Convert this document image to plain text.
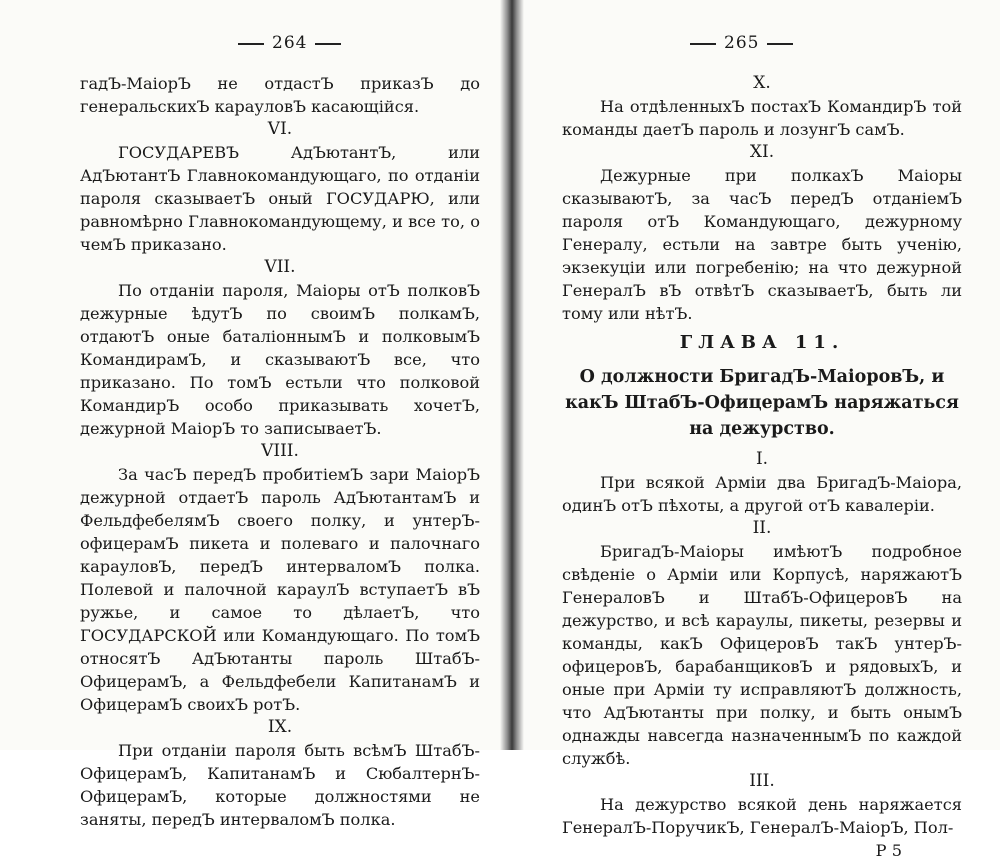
264

гадЪ-МаiорЪ не отдастЪ приказЪ до генеральскихЪ карауловЪ касающiйся.

VI.

ГОСУДАРЕВЪ АдЪютантЪ, или АдЪютантЪ Главнокомандующаго, по отданiи пароля сказываетЪ оный ГОСУДАРЮ, или равномѣрно Главнокомандующему, и все то, о чемЪ приказано.

VII.

По отданiи пароля, Маiоры отЪ полковЪ дежурные ѣдутЪ по своимЪ полкамЪ, отдаютЪ оные баталiоннымЪ и полковымЪ КомандирамЪ, и сказываютЪ все, что приказано. По томЪ естьли что полковой КомандирЪ особо приказывать хочетЪ, дежурной МаiорЪ то записываетЪ.

VIII.

За часЪ передЪ пробитiемЪ зари МаiорЪ дежурной отдаетЪ пароль АдЪютантамЪ и ФельдфебелямЪ своего полку, и унтерЪ-офицерамЪ пикета и полеваго и палочнаго карауловЪ, передЪ интерваломЪ полка. Полевой и палочной караулЪ вступаетЪ вЪ ружье, и самое то дѣлаетЪ, что ГОСУДАРСКОЙ или Командующаго. По томЪ относятЪ АдЪютанты пароль ШтабЪ-ОфицерамЪ, а Фельдфебели КапитанамЪ и ОфицерамЪ своихЪ ротЪ.

IX.

При отданiи пароля быть всѣмЪ ШтабЪ-ОфицерамЪ, КапитанамЪ и СюбалтернЪ-ОфицерамЪ, которые должностями не заняты, передЪ интерваломЪ полка.

265

X.

На отдѣленныхЪ постахЪ КомандирЪ той команды даетЪ пароль и лозунгЪ самЪ.

XI.

Дежурные при полкахЪ Маiоры сказываютЪ, за часЪ передЪ отданiемЪ пароля отЪ Командующаго, дежурному Генералу, естьли на завтре быть ученiю, экзекуцiи или погребенiю; на что дежурной ГенералЪ вЪ отвѣтЪ сказываетЪ, быть ли тому или нѣтЪ.

ГЛАВА 11.

О должности БригадЪ-МаiоровЪ, и какЪ ШтабЪ-ОфицерамЪ наряжаться на дежурство.

I.

При всякой Армiи два БригадЪ-Маiора, одинЪ отЪ пѣхоты, а другой отЪ кавалерiи.

II.

БригадЪ-Маiоры имѣютЪ подробное свѣденiе о Армiи или Корпусѣ, наряжаютЪ ГенераловЪ и ШтабЪ-ОфицеровЪ на дежурство, и всѣ караулы, пикеты, резервы и команды, какЪ ОфицеровЪ такЪ унтерЪ-офицеровЪ, барабанщиковЪ и рядовыхЪ, и оные при Армiи ту исправляютЪ должность, что АдЪютанты при полку, и быть онымЪ однажды навсегда назначеннымЪ по каждой службѣ.

III.

На дежурство всякой день наряжается ГенералЪ-ПоручикЪ, ГенералЪ-МаiорЪ, Пол-

Р 5
